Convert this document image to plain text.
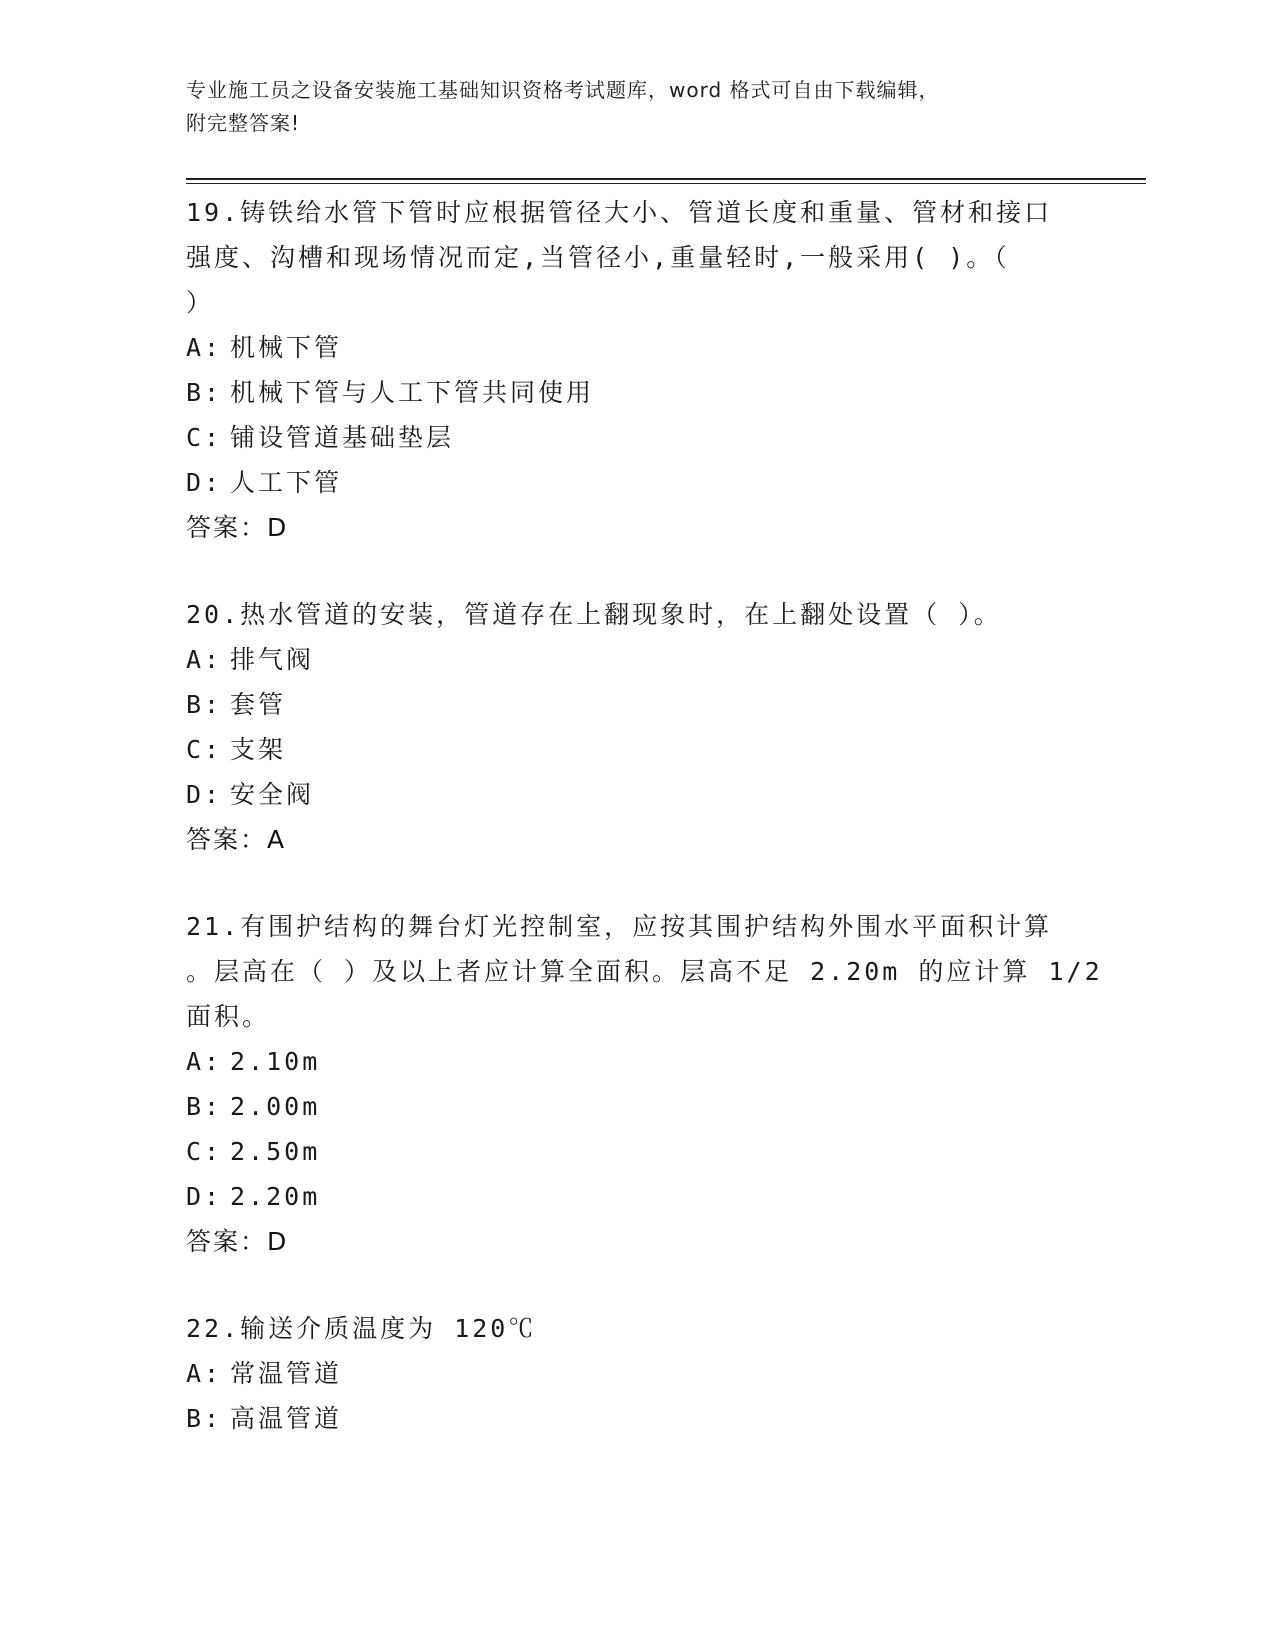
专业施工员之设备安装施工基础知识资格考试题库，word 格式可自由下载编辑，
附完整答案!
19.铸铁给水管下管时应根据管径大小、管道长度和重量、管材和接口
强度、沟槽和现场情况而定,当管径小,重量轻时,一般采用( )。（
）
A: 机械下管
B: 机械下管与人工下管共同使用
C: 铺设管道基础垫层
D: 人工下管
答案：D
20.热水管道的安装，管道存在上翻现象时，在上翻处设置（ ）。
A: 排气阀
B: 套管
C: 支架
D: 安全阀
答案：A
21.有围护结构的舞台灯光控制室，应按其围护结构外围水平面积计算
。层高在（ ）及以上者应计算全面积。层高不足 2.20m 的应计算 1/2
面积。
A: 2.10m
B: 2.00m
C: 2.50m
D: 2.20m
答案：D
22.输送介质温度为 120℃
A: 常温管道
B: 高温管道
